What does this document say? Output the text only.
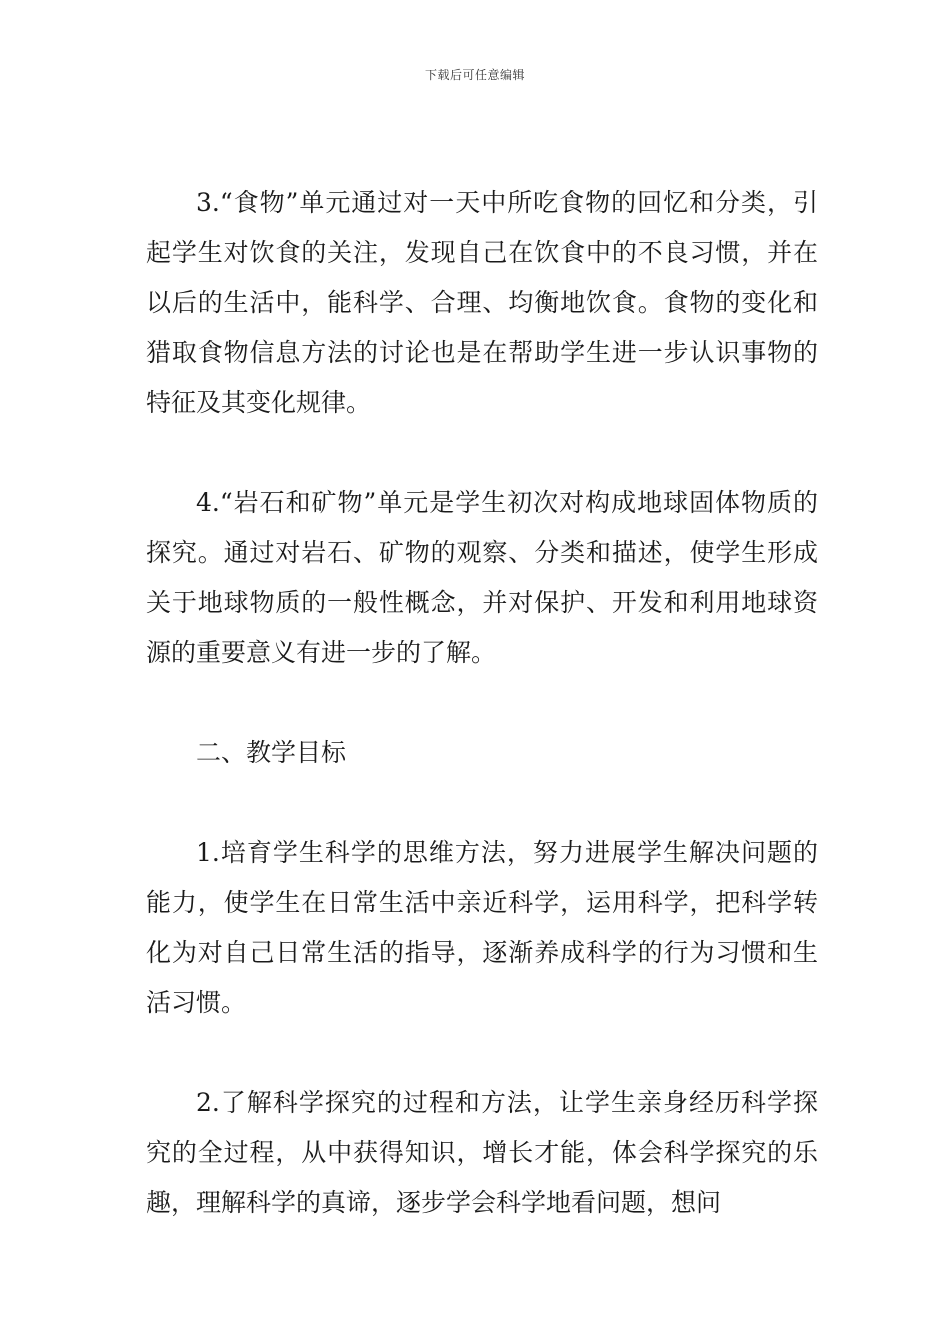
下载后可任意编辑

3.“食物”单元通过对一天中所吃食物的回忆和分类，引起学生对饮食的关注，发现自己在饮食中的不良习惯，并在以后的生活中，能科学、合理、均衡地饮食。食物的变化和猎取食物信息方法的讨论也是在帮助学生进一步认识事物的特征及其变化规律。

4.“岩石和矿物”单元是学生初次对构成地球固体物质的探究。通过对岩石、矿物的观察、分类和描述，使学生形成关于地球物质的一般性概念，并对保护、开发和利用地球资源的重要意义有进一步的了解。

二、教学目标

1.培育学生科学的思维方法，努力进展学生解决问题的能力，使学生在日常生活中亲近科学，运用科学，把科学转化为对自己日常生活的指导，逐渐养成科学的行为习惯和生活习惯。

2.了解科学探究的过程和方法，让学生亲身经历科学探究的全过程，从中获得知识，增长才能，体会科学探究的乐趣，理解科学的真谛，逐步学会科学地看问题，想问
